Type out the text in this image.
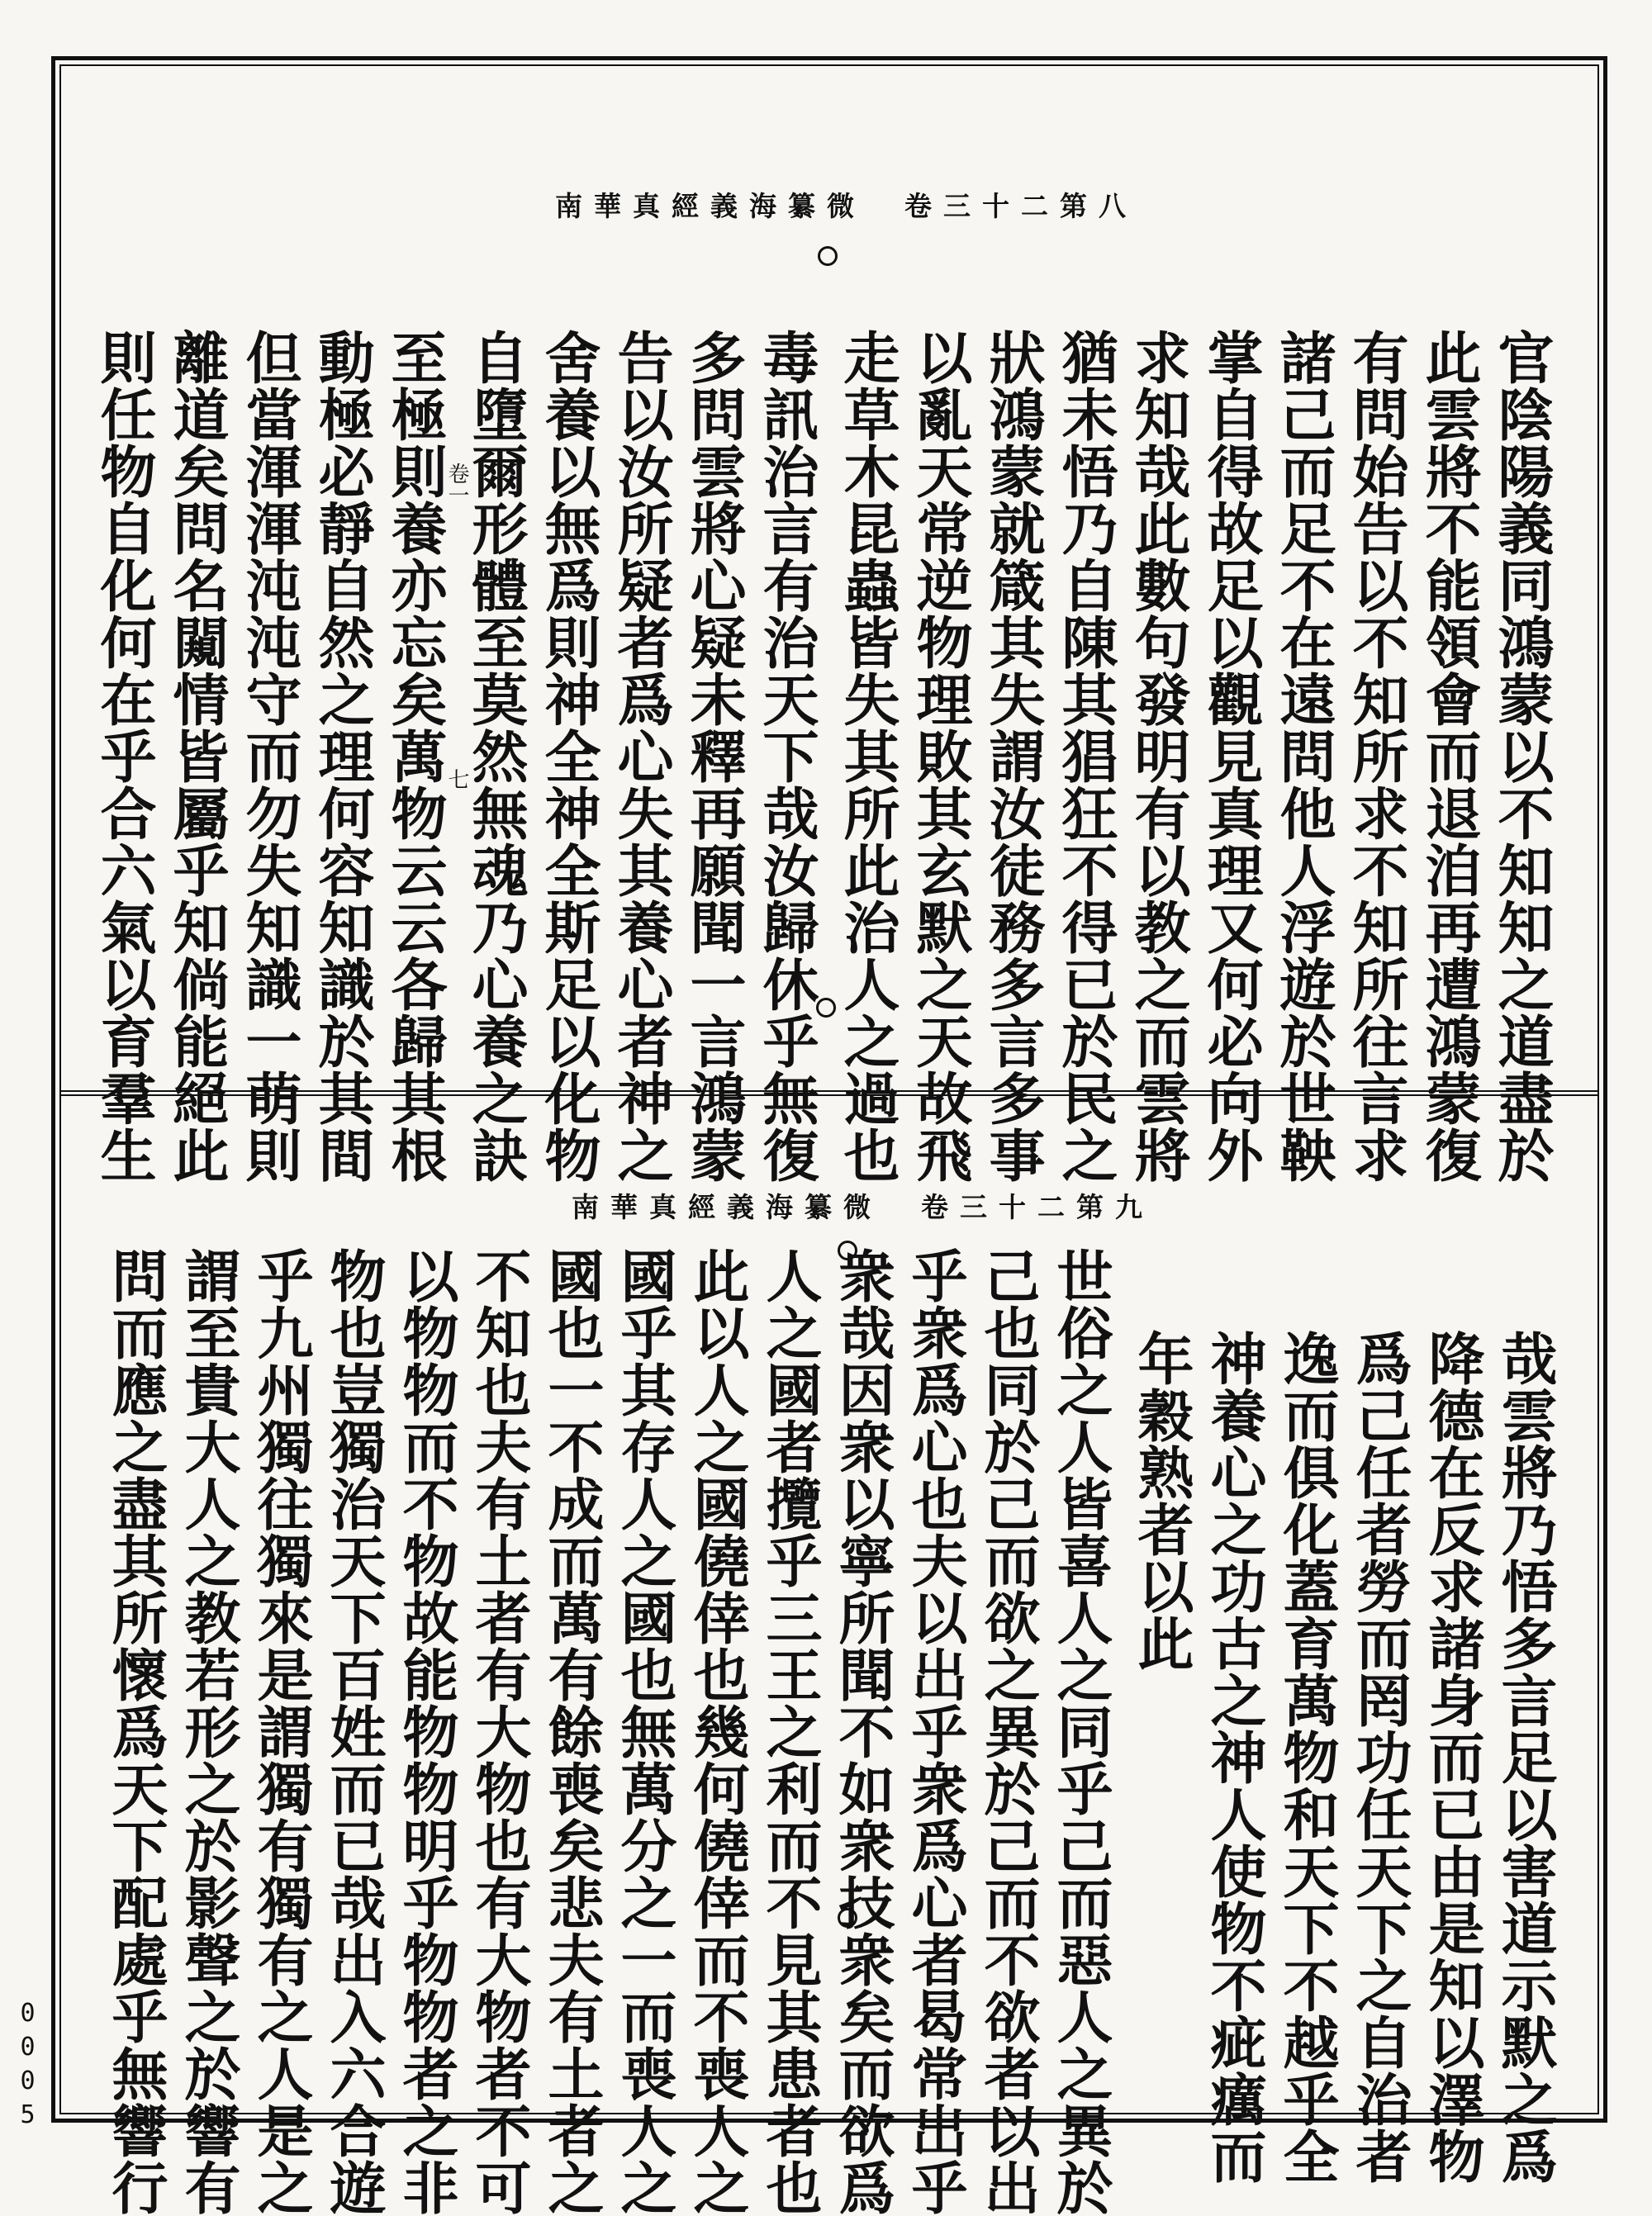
南華真經義海纂微　卷三十二第八
官陰陽義同鴻蒙以不知知之道盡於
此雲將不能領會而退洎再遭鴻蒙復
有問始告以不知所求不知所往言求
諸己而足不在遠問他人浮遊於世鞅
掌自得故足以觀見真理又何必向外
求知哉此數句發明有以教之而雲將
猶未悟乃自陳其猖狂不得已於民之
狀鴻蒙就箴其失謂汝徒務多言多事
以亂天常逆物理敗其玄默之天故飛
走草木昆蟲皆失其所此治人之過也
毒訊治言有治天下哉汝歸休乎無復
多問雲將心疑未釋再願聞一言鴻蒙
告以汝所疑者爲心失其養心者神之
舍養以無爲則神全神全斯足以化物
自墮爾形體至莫然無魂乃心養之訣
卷一
七
至極則養亦忘矣萬物云云各歸其根
動極必靜自然之理何容知識於其間
但當渾渾沌沌守而勿失知識一萌則
離道矣問名闚情皆屬乎知倘能絕此
則任物自化何在乎合六氣以育羣生
南華真經義海纂微　卷三十二第九
哉雲將乃悟多言足以害道示默之爲
降德在反求諸身而已由是知以澤物
爲己任者勞而罔功任天下之自治者
逸而俱化蓋育萬物和天下不越乎全
神養心之功古之神人使物不疵癘而
年穀熟者以此
世俗之人皆喜人之同乎己而惡人之異於
己也同於己而欲之異於己而不欲者以出
乎衆爲心也夫以出乎衆爲心者曷常出乎
衆哉因衆以寧所聞不如衆技衆矣而欲爲
人之國者攬乎三王之利而不見其患者也
此以人之國僥倖也幾何僥倖而不喪人之
國乎其存人之國也無萬分之一而喪人之
國也一不成而萬有餘喪矣悲夫有土者之
不知也夫有土者有大物也有大物者不可
以物物而不物故能物物明乎物物者之非
物也豈獨治天下百姓而已哉出入六合遊
乎九州獨往獨來是謂獨有獨有之人是之
謂至貴大人之教若形之於影聲之於響有
問而應之盡其所懷爲天下配處乎無響行
0005
